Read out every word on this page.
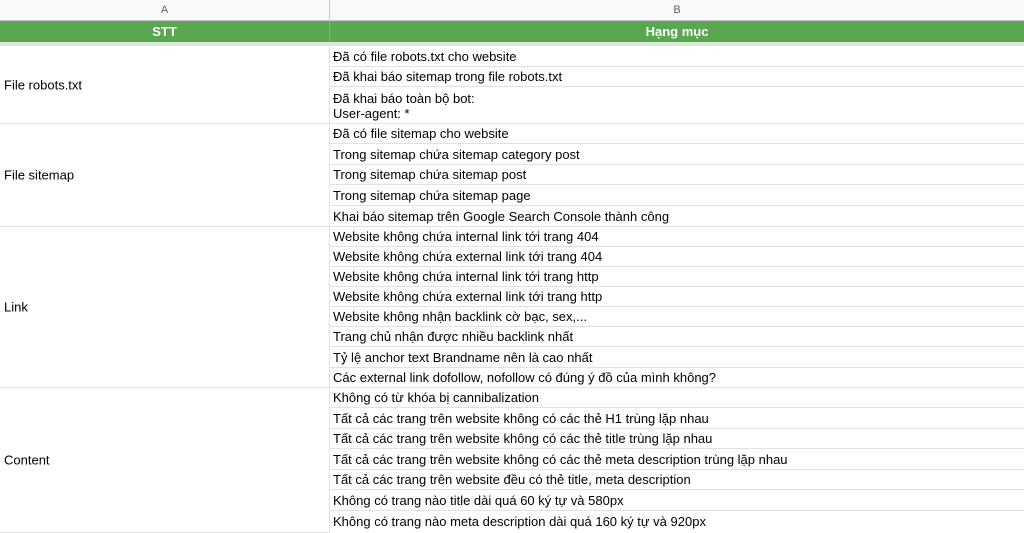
A	B
STT	Hạng mục
File robots.txt
File sitemap
Link
Content
Đã có file robots.txt cho website
Đã khai báo sitemap trong file robots.txt
Đã khai báo toàn bộ bot:
User-agent: *
Đã có file sitemap cho website
Trong sitemap chứa sitemap category post
Trong sitemap chứa sitemap post
Trong sitemap chứa sitemap page
Khai báo sitemap trên Google Search Console thành công
Website không chứa internal link tới trang 404
Website không chứa external link tới trang 404
Website không chứa internal link tới trang http
Website không chứa external link tới trang http
Website không nhận backlink cờ bạc, sex,...
Trang chủ nhận được nhiều backlink nhất
Tỷ lệ anchor text Brandname nên là cao nhất
Các external link dofollow, nofollow có đúng ý đồ của mình không?
Không có từ khóa bị cannibalization
Tất cả các trang trên website không có các thẻ H1 trùng lặp nhau
Tất cả các trang trên website không có các thẻ title trùng lặp nhau
Tất cả các trang trên website không có các thẻ meta description trùng lặp nhau
Tất cả các trang trên website đều có thẻ title, meta description
Không có trang nào title dài quá 60 ký tự và 580px
Không có trang nào meta description dài quá 160 ký tự và 920px
